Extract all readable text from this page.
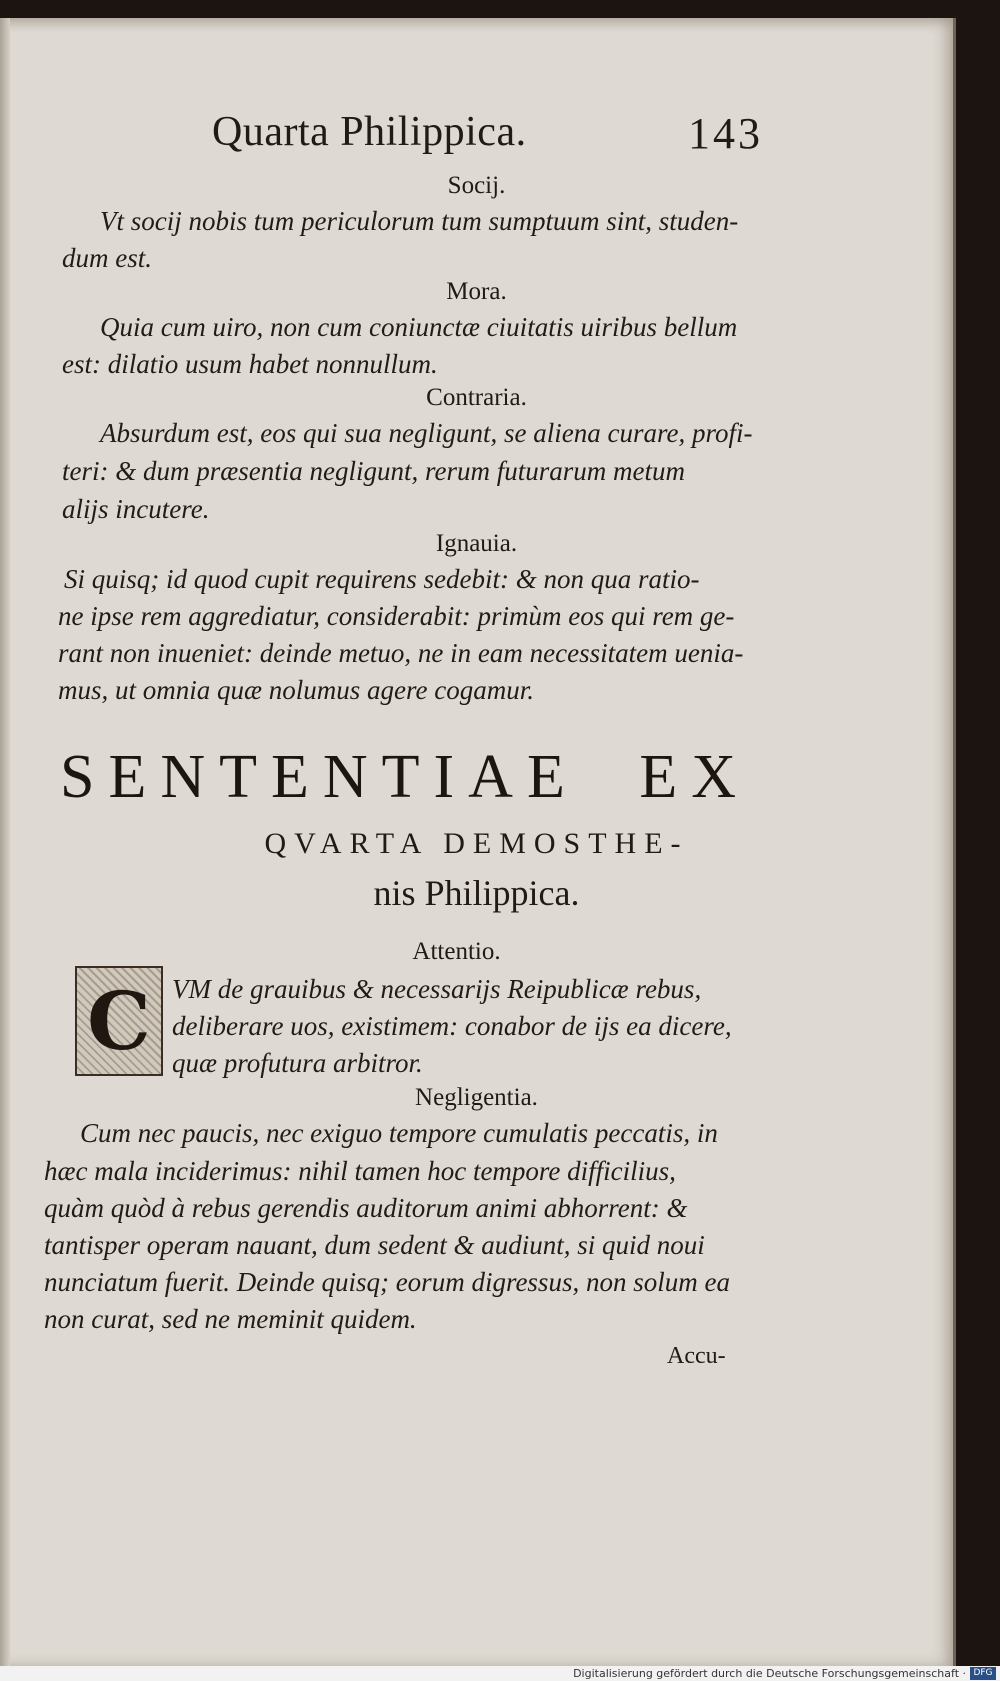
Quarta Philippica.	143
Socij.
Vt socij nobis tum periculorum tum sumptuum sint, studen-
dum est.
Mora.
Quia cum uiro, non cum coniunctæ ciuitatis uiribus bellum
est: dilatio usum habet nonnullum.
Contraria.
Absurdum est, eos qui sua negligunt, se aliena curare, profi-
teri: & dum præsentia negligunt, rerum futurarum metum
alijs incutere.
Ignauia.
Si quisq; id quod cupit requirens sedebit: & non qua ratio-
ne ipse rem aggrediatur, considerabit: primùm eos qui rem ge-
rant non inueniet: deinde metuo, ne in eam necessitatem uenia-
mus, ut omnia quæ nolumus agere cogamur.
SENTENTIAE EX
QVARTA DEMOSTHE-
nis Philippica.
Attentio.
C VM de grauibus & necessarijs Reipublicæ rebus,
deliberare uos, existimem: conabor de ijs ea dicere,
quæ profutura arbitror.
Negligentia.
Cum nec paucis, nec exiguo tempore cumulatis peccatis, in
hæc mala inciderimus: nihil tamen hoc tempore difficilius,
quàm quòd à rebus gerendis auditorum animi abhorrent: &
tantisper operam nauant, dum sedent & audiunt, si quid noui
nunciatum fuerit. Deinde quisq; eorum digressus, non solum ea
non curat, sed ne meminit quidem.
Accu-
Digitalisierung gefördert durch die Deutsche Forschungsgemeinschaft · DFG
